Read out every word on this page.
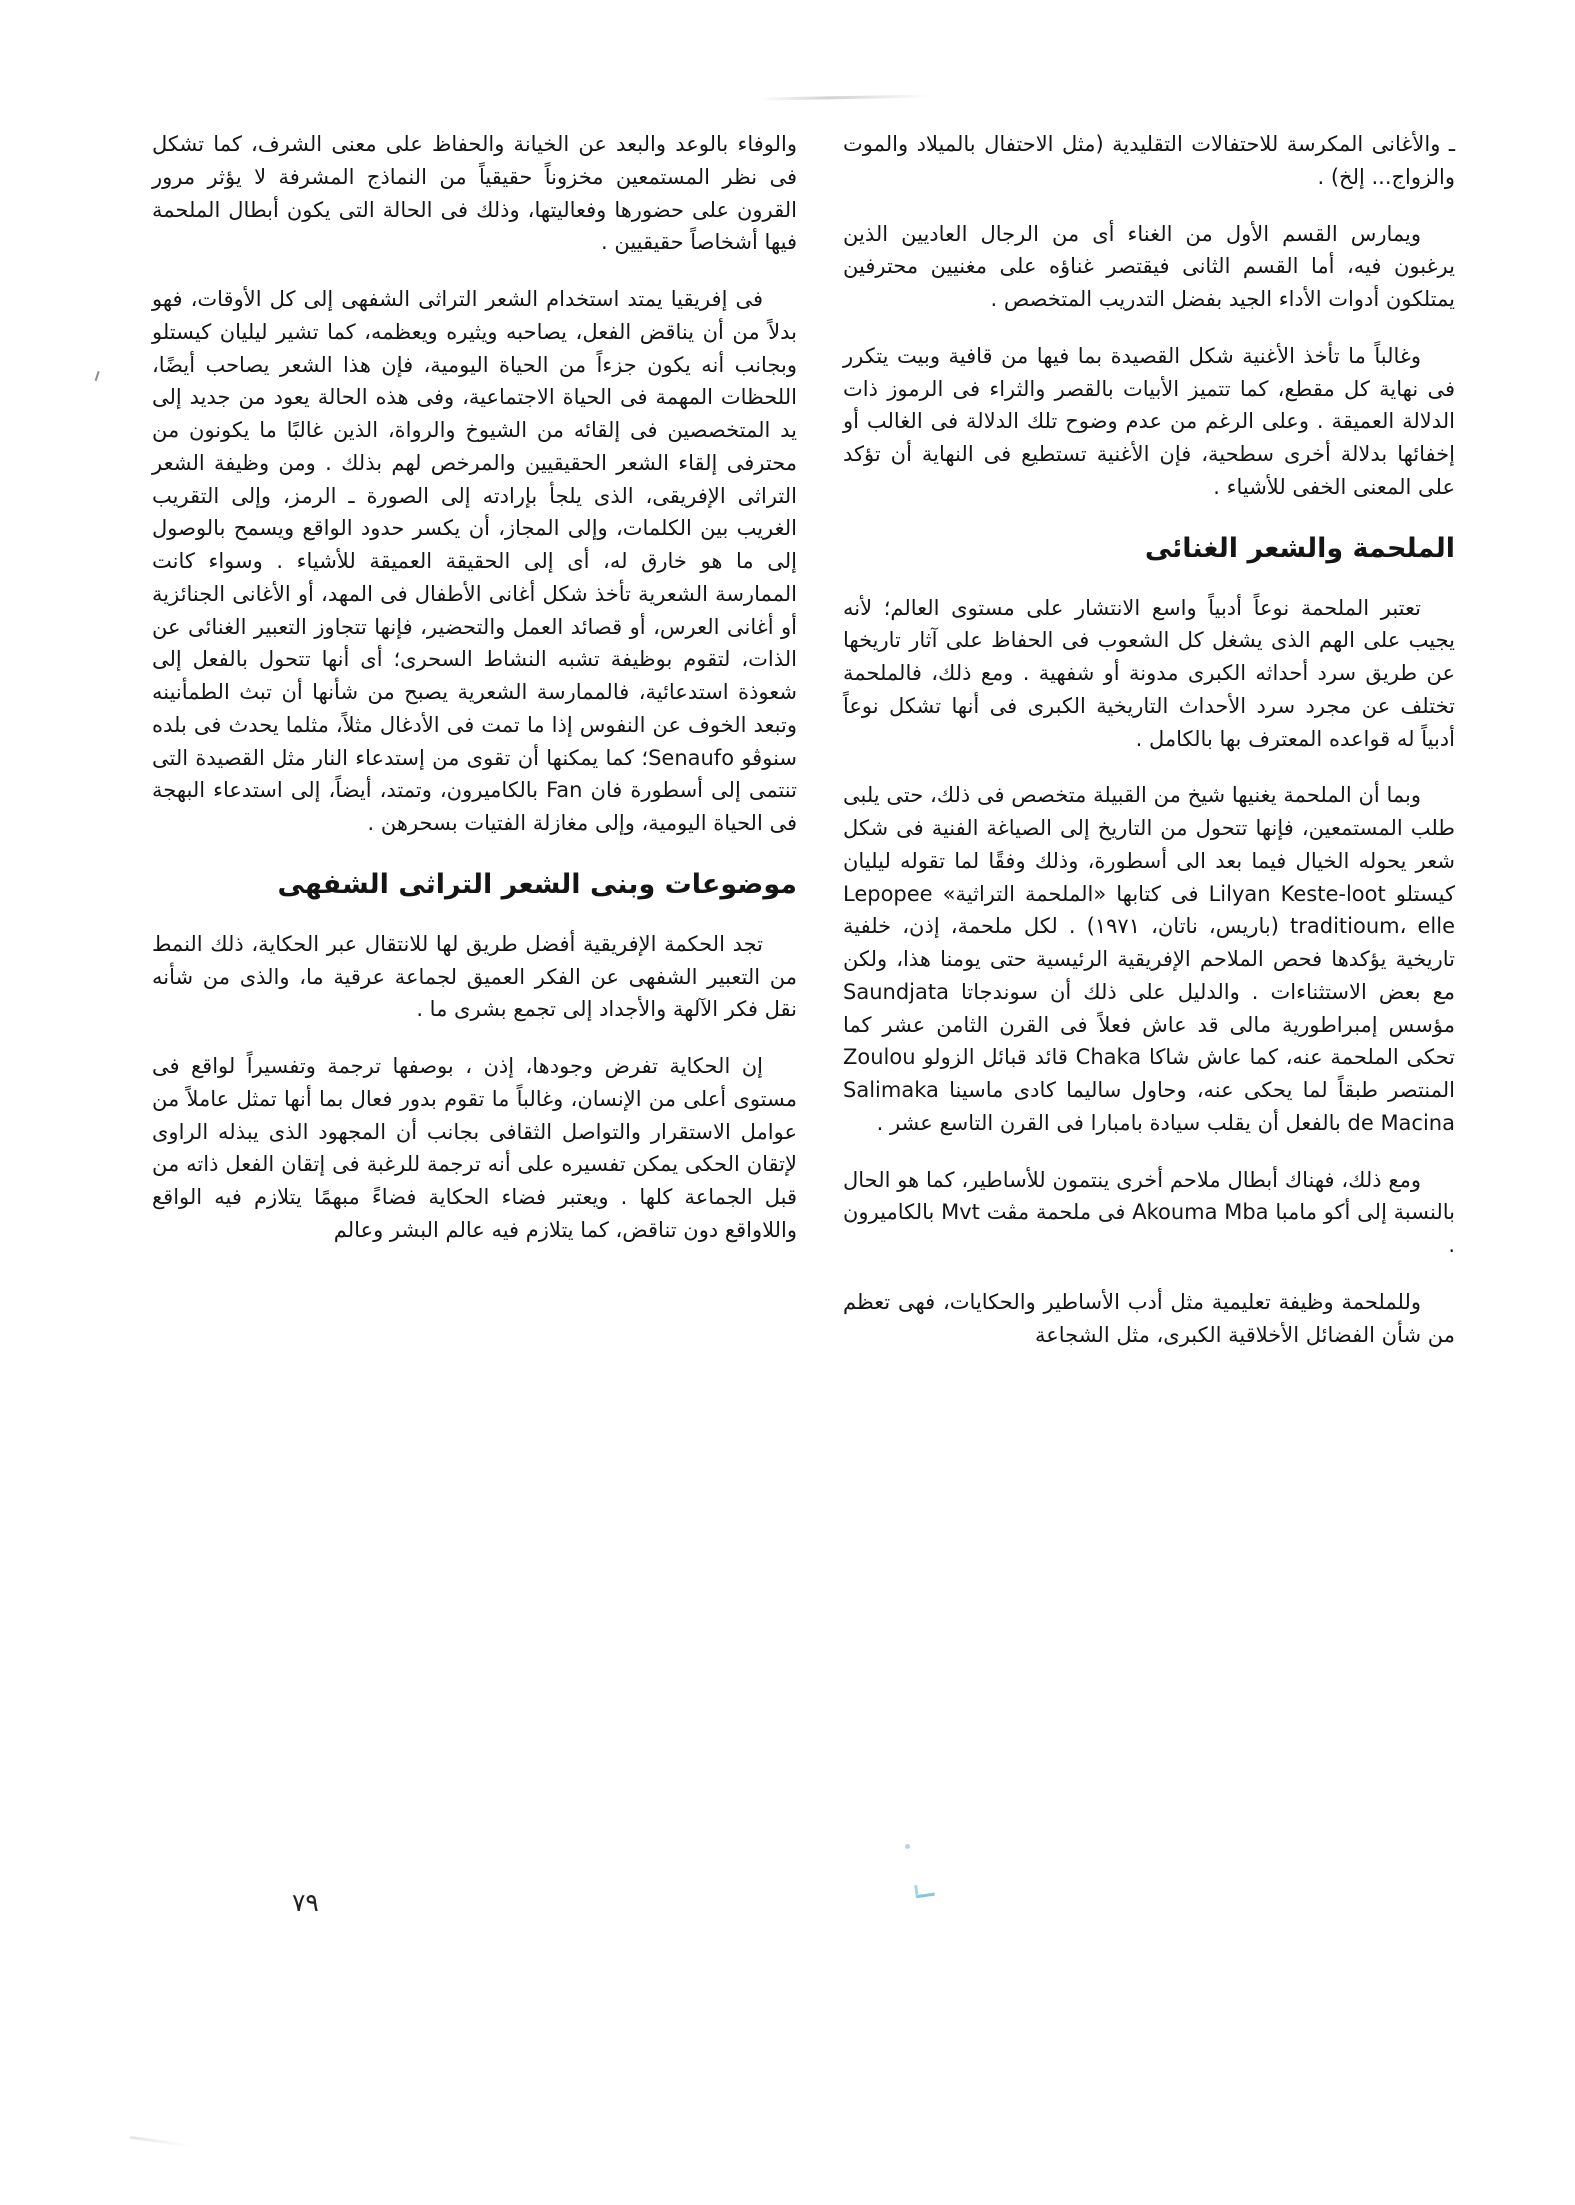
ـ والأغانى المكرسة للاحتفالات التقليدية (مثل الاحتفال بالميلاد والموت والزواج... إلخ) .

ويمارس القسم الأول من الغناء أى من الرجال العاديين الذين يرغبون فيه، أما القسم الثانى فيقتصر غناؤه على مغنيين محترفين يمتلكون أدوات الأداء الجيد بفضل التدريب المتخصص .

وغالباً ما تأخذ الأغنية شكل القصيدة بما فيها من قافية وبيت يتكرر فى نهاية كل مقطع، كما تتميز الأبيات بالقصر والثراء فى الرموز ذات الدلالة العميقة . وعلى الرغم من عدم وضوح تلك الدلالة فى الغالب أو إخفائها بدلالة أخرى سطحية، فإن الأغنية تستطيع فى النهاية أن تؤكد على المعنى الخفى للأشياء .

الملحمة والشعر الغنائى

تعتبر الملحمة نوعاً أدبياً واسع الانتشار على مستوى العالم؛ لأنه يجيب على الهم الذى يشغل كل الشعوب فى الحفاظ على آثار تاريخها عن طريق سرد أحداثه الكبرى مدونة أو شفهية . ومع ذلك، فالملحمة تختلف عن مجرد سرد الأحداث التاريخية الكبرى فى أنها تشكل نوعاً أدبياً له قواعده المعترف بها بالكامل .

وبما أن الملحمة يغنيها شيخ من القبيلة متخصص فى ذلك، حتى يلبى طلب المستمعين، فإنها تتحول من التاريخ إلى الصياغة الفنية فى شكل شعر يحوله الخيال فيما بعد الى أسطورة، وذلك وفقًا لما تقوله ليليان كيستلو Lilyan Keste-loot فى كتابها «الملحمة التراثية» Lepopee traditioum، elle (باريس، ناتان، ١٩٧١) . لكل ملحمة، إذن، خلفية تاريخية يؤكدها فحص الملاحم الإفريقية الرئيسية حتى يومنا هذا، ولكن مع بعض الاستثناءات . والدليل على ذلك أن سوندجاتا Saundjata مؤسس إمبراطورية مالى قد عاش فعلاً فى القرن الثامن عشر كما تحكى الملحمة عنه، كما عاش شاكا Chaka قائد قبائل الزولو Zoulou المنتصر طبقاً لما يحكى عنه، وحاول ساليما كادى ماسينا Salimaka de Macina بالفعل أن يقلب سيادة بامبارا فى القرن التاسع عشر .

ومع ذلك، فهناك أبطال ملاحم أخرى ينتمون للأساطير، كما هو الحال بالنسبة إلى أكو مامبا Akouma Mba فى ملحمة مڤت Mvt بالكاميرون .

وللملحمة وظيفة تعليمية مثل أدب الأساطير والحكايات، فهى تعظم من شأن الفضائل الأخلاقية الكبرى، مثل الشجاعة

والوفاء بالوعد والبعد عن الخيانة والحفاظ على معنى الشرف، كما تشكل فى نظر المستمعين مخزوناً حقيقياً من النماذج المشرفة لا يؤثر مرور القرون على حضورها وفعاليتها، وذلك فى الحالة التى يكون أبطال الملحمة فيها أشخاصاً حقيقيين .

فى إفريقيا يمتد استخدام الشعر التراثى الشفهى إلى كل الأوقات، فهو بدلاً من أن يناقض الفعل، يصاحبه ويثيره ويعظمه، كما تشير ليليان كيستلو وبجانب أنه يكون جزءاً من الحياة اليومية، فإن هذا الشعر يصاحب أيضًا، اللحظات المهمة فى الحياة الاجتماعية، وفى هذه الحالة يعود من جديد إلى يد المتخصصين فى إلقائه من الشيوخ والرواة، الذين غالبًا ما يكونون من محترفى إلقاء الشعر الحقيقيين والمرخص لهم بذلك . ومن وظيفة الشعر التراثى الإفريقى، الذى يلجأ بإرادته إلى الصورة ـ الرمز، وإلى التقريب الغريب بين الكلمات، وإلى المجاز، أن يكسر حدود الواقع ويسمح بالوصول إلى ما هو خارق له، أى إلى الحقيقة العميقة للأشياء . وسواء كانت الممارسة الشعرية تأخذ شكل أغانى الأطفال فى المهد، أو الأغانى الجنائزية أو أغانى العرس، أو قصائد العمل والتحضير، فإنها تتجاوز التعبير الغنائى عن الذات، لتقوم بوظيفة تشبه النشاط السحرى؛ أى أنها تتحول بالفعل إلى شعوذة استدعائية، فالممارسة الشعرية يصبح من شأنها أن تبث الطمأنينه وتبعد الخوف عن النفوس إذا ما تمت فى الأدغال مثلاً، مثلما يحدث فى بلده سنوڤو Senaufo؛ كما يمكنها أن تقوى من إستدعاء النار مثل القصيدة التى تنتمى إلى أسطورة فان Fan بالكاميرون، وتمتد، أيضاً، إلى استدعاء البهجة فى الحياة اليومية، وإلى مغازلة الفتيات بسحرهن .

موضوعات وبنى الشعر التراثى الشفهى

تجد الحكمة الإفريقية أفضل طريق لها للانتقال عبر الحكاية، ذلك النمط من التعبير الشفهى عن الفكر العميق لجماعة عرقية ما، والذى من شأنه نقل فكر الآلهة والأجداد إلى تجمع بشرى ما .

إن الحكاية تفرض وجودها، إذن ، بوصفها ترجمة وتفسيراً لواقع فى مستوى أعلى من الإنسان، وغالباً ما تقوم بدور فعال بما أنها تمثل عاملاً من عوامل الاستقرار والتواصل الثقافى بجانب أن المجهود الذى يبذله الراوى لإتقان الحكى يمكن تفسيره على أنه ترجمة للرغبة فى إتقان الفعل ذاته من قبل الجماعة كلها . ويعتبر فضاء الحكاية فضاءً مبهمًا يتلازم فيه الواقع واللاواقع دون تناقض، كما يتلازم فيه عالم البشر وعالم

٧٩
